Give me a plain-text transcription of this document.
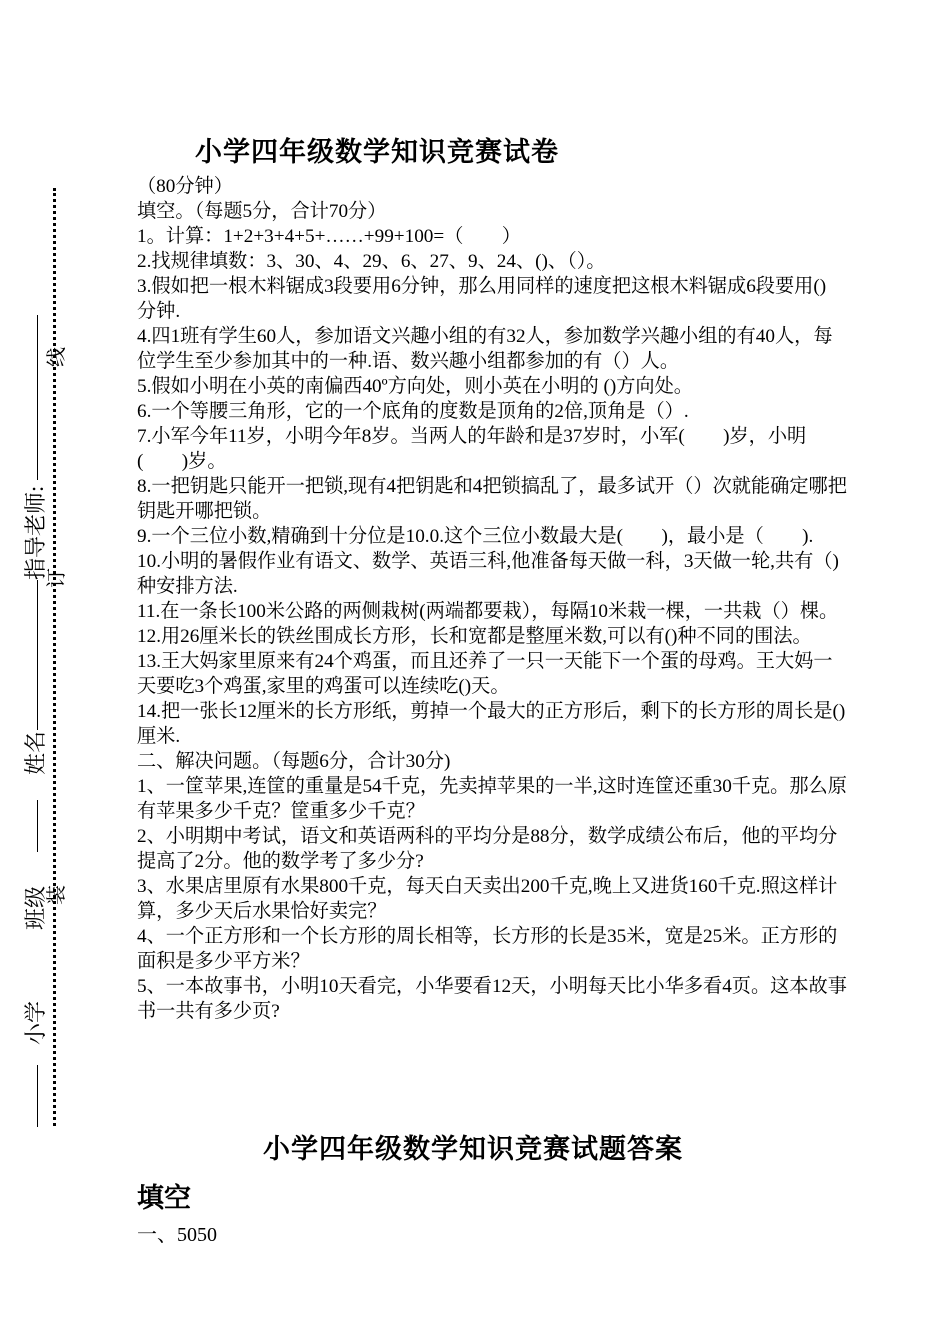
小学
班级
姓名
指导老师:
装
订
线
小学四年级数学知识竞赛试卷

（80分钟）

填空。（每题5分，合计70分）

1。计算：1+2+3+4+5+……+99+100=（　　）

2.找规律填数：3、30、4、29、6、27、9、24、()、（）。

3.假如把一根木料锯成3段要用6分钟，那么用同样的速度把这根木料锯成6段要用() 分钟.

4.四1班有学生60人，参加语文兴趣小组的有32人，参加数学兴趣小组的有40人，每位学生至少参加其中的一种.语、数兴趣小组都参加的有（）人。

5.假如小明在小英的南偏西40º方向处，则小英在小明的 ()方向处。

6.一个等腰三角形，它的一个底角的度数是顶角的2倍,顶角是（）.

7.小军今年11岁，小明今年8岁。当两人的年龄和是37岁时，小军(　　)岁，小明(　　)岁。

8.一把钥匙只能开一把锁,现有4把钥匙和4把锁搞乱了，最多试开（）次就能确定哪把钥匙开哪把锁。

9.一个三位小数,精确到十分位是10.0.这个三位小数最大是(　　)，最小是（　　).

10.小明的暑假作业有语文、数学、英语三科,他准备每天做一科，3天做一轮,共有（)种安排方法.

11.在一条长100米公路的两侧栽树(两端都要栽），每隔10米栽一棵，一共栽（）棵。

12.用26厘米长的铁丝围成长方形，长和宽都是整厘米数,可以有()种不同的围法。

13.王大妈家里原来有24个鸡蛋，而且还养了一只一天能下一个蛋的母鸡。王大妈一天要吃3个鸡蛋,家里的鸡蛋可以连续吃()天。

14.把一张长12厘米的长方形纸，剪掉一个最大的正方形后，剩下的长方形的周长是()厘米.

二、解决问题。（每题6分，合计30分)

1、一筐苹果,连筐的重量是54千克，先卖掉苹果的一半,这时连筐还重30千克。那么原有苹果多少千克？筐重多少千克？

2、小明期中考试，语文和英语两科的平均分是88分，数学成绩公布后，他的平均分提高了2分。他的数学考了多少分?

3、水果店里原有水果800千克，每天白天卖出200千克,晚上又进货160千克.照这样计算，多少天后水果恰好卖完？

4、一个正方形和一个长方形的周长相等，长方形的长是35米，宽是25米。正方形的面积是多少平方米？

5、一本故事书，小明10天看完，小华要看12天，小明每天比小华多看4页。这本故事书一共有多少页?

小学四年级数学知识竞赛试题答案
填空
一、5050
